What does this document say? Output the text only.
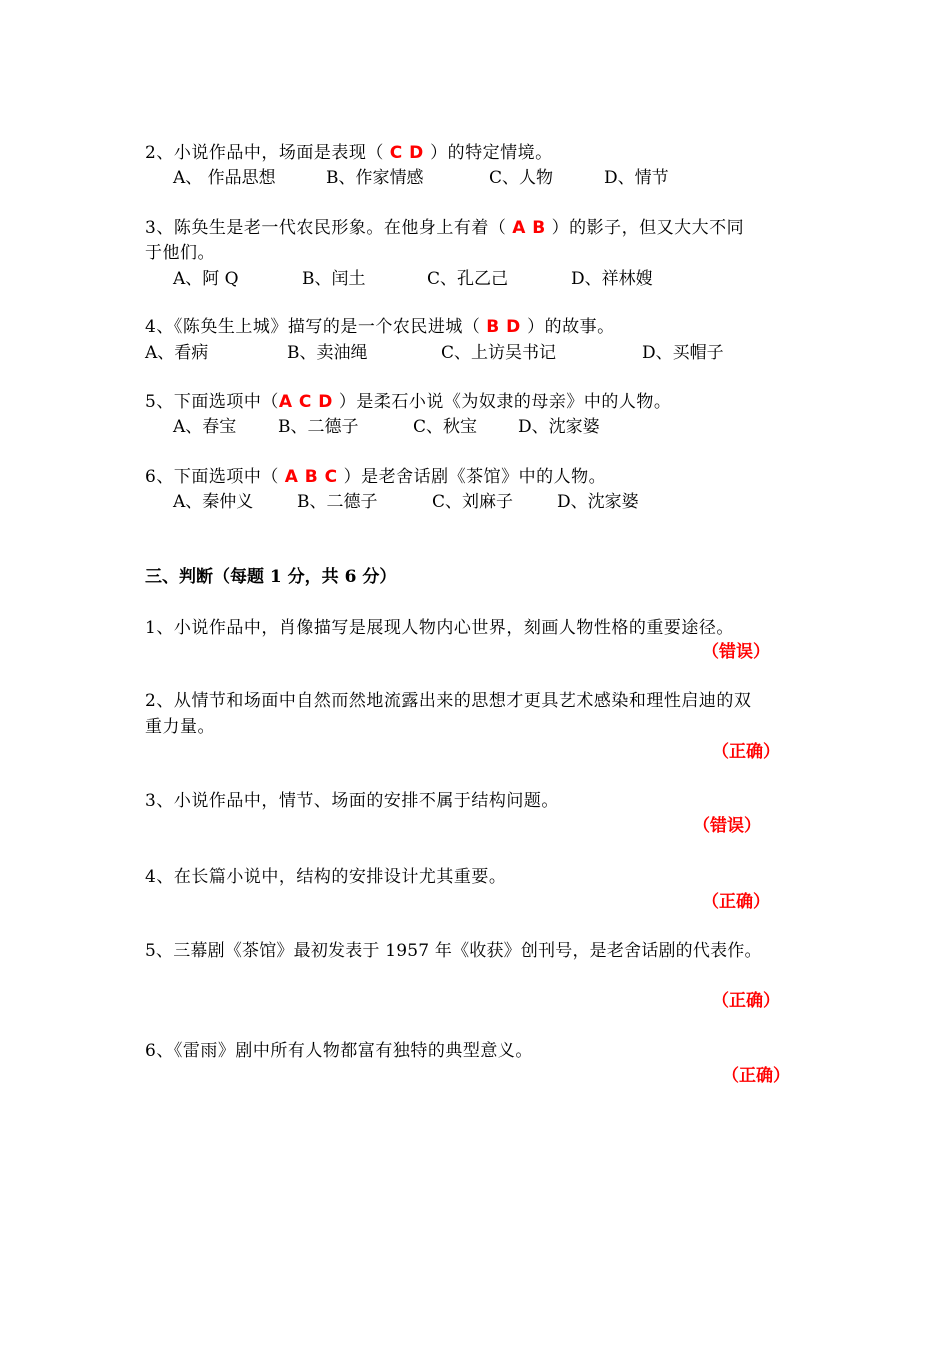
2、小说作品中，场面是表现（ C D ）的特定情境。
A、 作品思想	B、作家情感	C、人物	D、情节
3、陈奂生是老一代农民形象。在他身上有着（ A B ）的影子，但又大大不同
于他们。
A、阿 Q	B、闰土	C、孔乙己	D、祥林嫂
4、《陈奂生上城》描写的是一个农民进城（ B D ）的故事。
A、看病	B、卖油绳	C、上访吴书记	D、买帽子
5、下面选项中（A C D ）是柔石小说《为奴隶的母亲》中的人物。
A、春宝 B、二德子	C、秋宝 D、沈家婆
6、下面选项中（ A B C ）是老舍话剧《茶馆》中的人物。
A、秦仲义	B、二德子	C、刘麻子	D、沈家婆
三、判断（每题 1 分，共 6 分）
1、小说作品中，肖像描写是展现人物内心世界，刻画人物性格的重要途径。
（错误）
2、从情节和场面中自然而然地流露出来的思想才更具艺术感染和理性启迪的双
重力量。
（正确）
3、小说作品中，情节、场面的安排不属于结构问题。
（错误）
4、在长篇小说中，结构的安排设计尤其重要。
（正确）
5、三幕剧《茶馆》最初发表于 1957 年《收获》创刊号，是老舍话剧的代表作。
（正确）
6、《雷雨》剧中所有人物都富有独特的典型意义。
（正确）
